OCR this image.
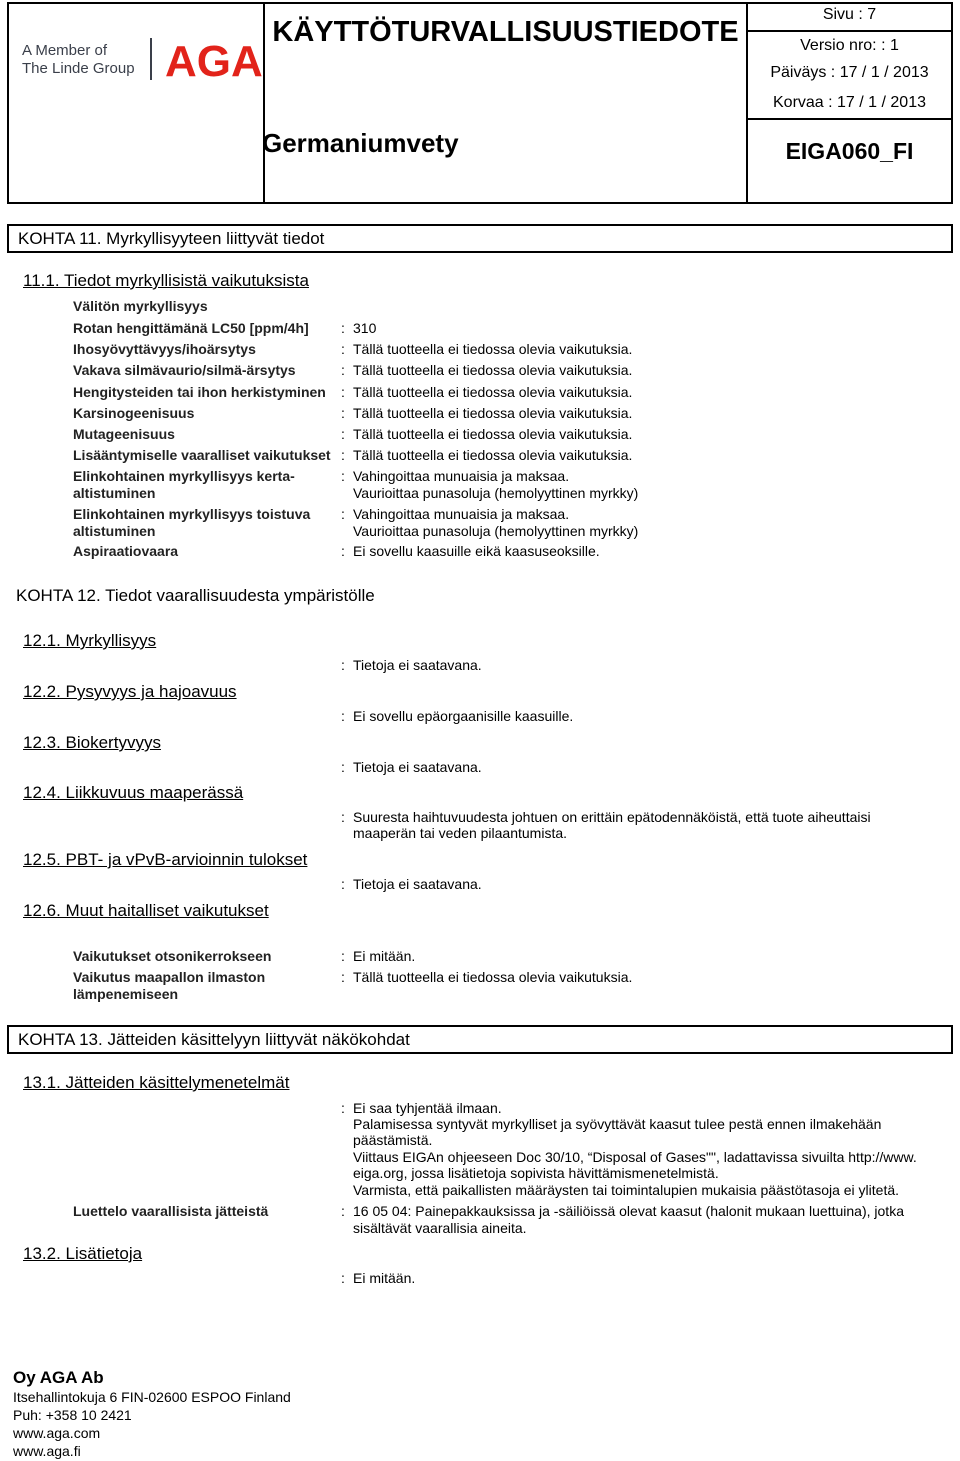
A Member of
The Linde Group AGA
KÄYTTÖTURVALLISUUSTIEDOTE
Germaniumvety
Sivu : 7
Versio nro: : 1
Päiväys : 17 / 1 / 2013
Korvaa : 17 / 1 / 2013
EIGA060_FI
KOHTA 11. Myrkyllisyyteen liittyvät tiedot
11.1. Tiedot myrkyllisistä vaikutuksista
Välitön myrkyllisyys
Rotan hengittämänä LC50 [ppm/4h] : 310
Ihosyövyttävyys/ihoärsytys	: Tällä tuotteella ei tiedossa olevia vaikutuksia.
Vakava silmävaurio/silmä-ärsytys	: Tällä tuotteella ei tiedossa olevia vaikutuksia.
Hengitysteiden tai ihon herkistyminen : Tällä tuotteella ei tiedossa olevia vaikutuksia.
Karsinogeenisuus	: Tällä tuotteella ei tiedossa olevia vaikutuksia.
Mutageenisuus	: Tällä tuotteella ei tiedossa olevia vaikutuksia.
Lisääntymiselle vaaralliset vaikutukset : Tällä tuotteella ei tiedossa olevia vaikutuksia.
Elinkohtainen myrkyllisyys kerta-
altistuminen
: Vahingoittaa munuaisia ja maksaa.
Vaurioittaa punasoluja (hemolyyttinen myrkky)
Elinkohtainen myrkyllisyys toistuva
altistuminen
: Vahingoittaa munuaisia ja maksaa.
Vaurioittaa punasoluja (hemolyyttinen myrkky)
Aspiraatiovaara	: Ei sovellu kaasuille eikä kaasuseoksille.
KOHTA 12. Tiedot vaarallisuudesta ympäristölle
12.1. Myrkyllisyys
: Tietoja ei saatavana.
12.2. Pysyvyys ja hajoavuus
: Ei sovellu epäorgaanisille kaasuille.
12.3. Biokertyvyys
: Tietoja ei saatavana.
12.4. Liikkuvuus maaperässä
: Suuresta haihtuvuudesta johtuen on erittäin epätodennäköistä, että tuote aiheuttaisi
maaperän tai veden pilaantumista.
12.5. PBT- ja vPvB-arvioinnin tulokset
: Tietoja ei saatavana.
12.6. Muut haitalliset vaikutukset
Vaikutukset otsonikerrokseen	: Ei mitään.
Vaikutus maapallon ilmaston
lämpenemiseen
: Tällä tuotteella ei tiedossa olevia vaikutuksia.
KOHTA 13. Jätteiden käsittelyyn liittyvät näkökohdat
13.1. Jätteiden käsittelymenetelmät
: Ei saa tyhjentää ilmaan.
Palamisessa syntyvät myrkylliset ja syövyttävät kaasut tulee pestä ennen ilmakehään
päästämistä.
Viittaus EIGAn ohjeeseen Doc 30/10, “Disposal of Gases"", ladattavissa sivuilta http://www.
eiga.org, jossa lisätietoja sopivista hävittämismenetelmistä.
Varmista, että paikallisten määräysten tai toimintalupien mukaisia päästötasoja ei ylitetä.
Luettelo vaarallisista jätteistä	: 16 05 04: Painepakkauksissa ja -säiliöissä olevat kaasut (halonit mukaan luettuina), jotka
sisältävät vaarallisia aineita.
13.2. Lisätietoja
: Ei mitään.
Oy AGA Ab
Itsehallintokuja 6 FIN-02600 ESPOO Finland
Puh: +358 10 2421
www.aga.com
www.aga.fi
